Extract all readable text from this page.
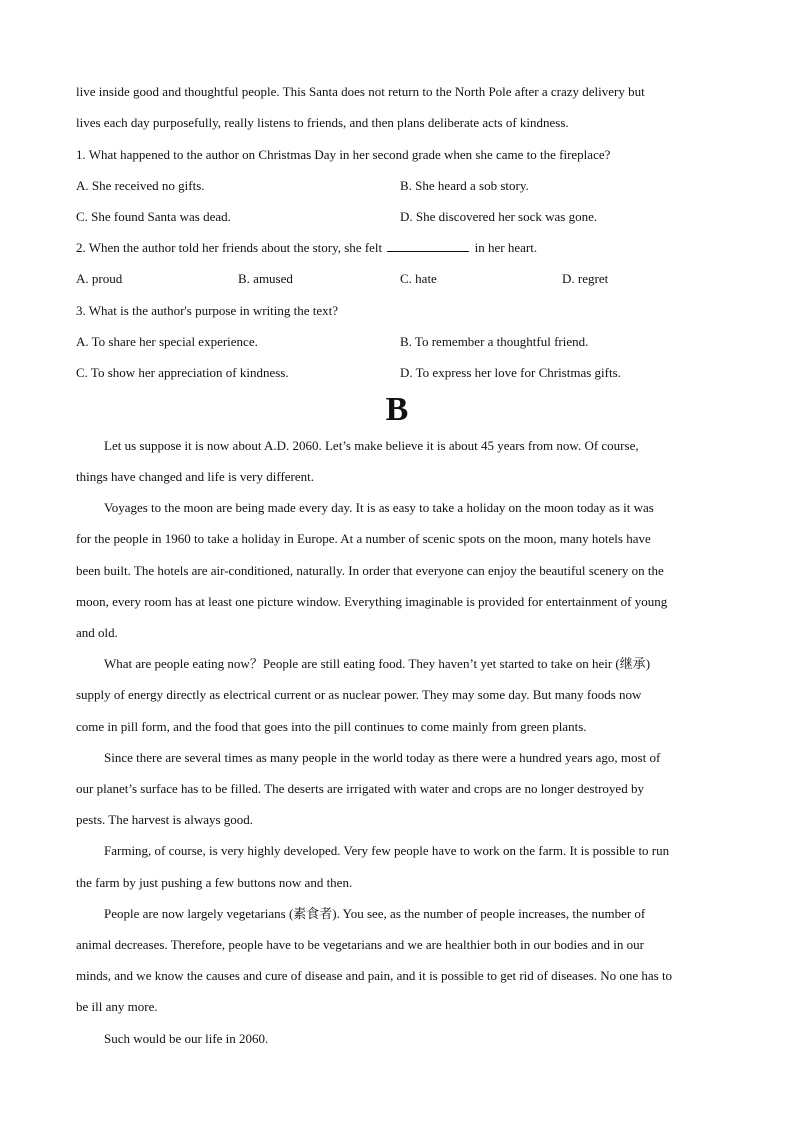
live inside good and thoughtful people. This Santa does not return to the North Pole after a crazy delivery but
lives each day purposefully, really listens to friends, and then plans deliberate acts of kindness.
1. What happened to the author on Christmas Day in her second grade when she came to the fireplace?
A. She received no gifts.	B. She heard a sob story.
C. She found Santa was dead.	D. She discovered her sock was gone.
2. When the author told her friends about the story, she felt	in her heart.
A. proud	B. amused	C. hate	D. regret
3. What is the author's purpose in writing the text?
A. To share her special experience.	B. To remember a thoughtful friend.
C. To show her appreciation of kindness.	D. To express her love for Christmas gifts.
B
Let us suppose it is now about A.D. 2060. Let’s make believe it is about 45 years from now. Of course,
things have changed and life is very different.
Voyages to the moon are being made every day. It is as easy to take a holiday on the moon today as it was
for the people in 1960 to take a holiday in Europe. At a number of scenic spots on the moon, many hotels have
been built. The hotels are air-conditioned, naturally. In order that everyone can enjoy the beautiful scenery on the
moon, every room has at least one picture window. Everything imaginable is provided for entertainment of young
and old.
What are people eating now？People are still eating food. They haven’t yet started to take on heir (继承)
supply of energy directly as electrical current or as nuclear power. They may some day. But many foods now
come in pill form, and the food that goes into the pill continues to come mainly from green plants.
Since there are several times as many people in the world today as there were a hundred years ago, most of
our planet’s surface has to be filled. The deserts are irrigated with water and crops are no longer destroyed by
pests. The harvest is always good.
Farming, of course, is very highly developed. Very few people have to work on the farm. It is possible to run
the farm by just pushing a few buttons now and then.
People are now largely vegetarians (素食者). You see, as the number of people increases, the number of
animal decreases. Therefore, people have to be vegetarians and we are healthier both in our bodies and in our
minds, and we know the causes and cure of disease and pain, and it is possible to get rid of diseases. No one has to
be ill any more.
Such would be our life in 2060.
